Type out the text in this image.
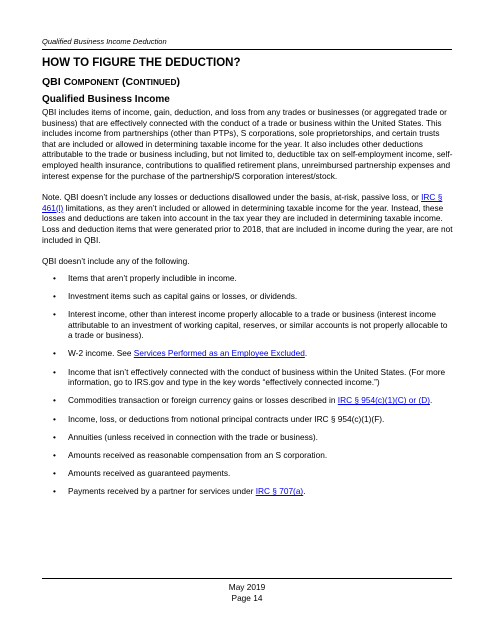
Qualified Business Income Deduction
HOW TO FIGURE THE DEDUCTION?
QBI COMPONENT (CONTINUED)
Qualified Business Income

QBI includes items of income, gain, deduction, and loss from any trades or businesses (or aggregated trade or business) that are effectively connected with the conduct of a trade or business within the United States. This includes income from partnerships (other than PTPs), S corporations, sole proprietorships, and certain trusts that are included or allowed in determining taxable income for the year. It also includes other deductions attributable to the trade or business including, but not limited to, deductible tax on self-employment income, self-employed health insurance, contributions to qualified retirement plans, unreimbursed partnership expenses and interest expense for the purchase of the partnership/S corporation interest/stock.

Note. QBI doesn’t include any losses or deductions disallowed under the basis, at-risk, passive loss, or IRC § 461(l) limitations, as they aren’t included or allowed in determining taxable income for the year. Instead, these losses and deductions are taken into account in the tax year they are included in determining taxable income. Loss and deduction items that were generated prior to 2018, that are included in income during the year, are not included in QBI.

QBI doesn’t include any of the following.

• Items that aren’t properly includible in income.
• Investment items such as capital gains or losses, or dividends.
• Interest income, other than interest income properly allocable to a trade or business (interest income attributable to an investment of working capital, reserves, or similar accounts is not properly allocable to a trade or business).
• W-2 income. See Services Performed as an Employee Excluded.
• Income that isn’t effectively connected with the conduct of business within the United States. (For more information, go to IRS.gov and type in the key words “effectively connected income.”)
• Commodities transaction or foreign currency gains or losses described in IRC § 954(c)(1)(C) or (D).
• Income, loss, or deductions from notional principal contracts under IRC § 954(c)(1)(F).
• Annuities (unless received in connection with the trade or business).
• Amounts received as reasonable compensation from an S corporation.
• Amounts received as guaranteed payments.
• Payments received by a partner for services under IRC § 707(a).
May 2019
Page 14
